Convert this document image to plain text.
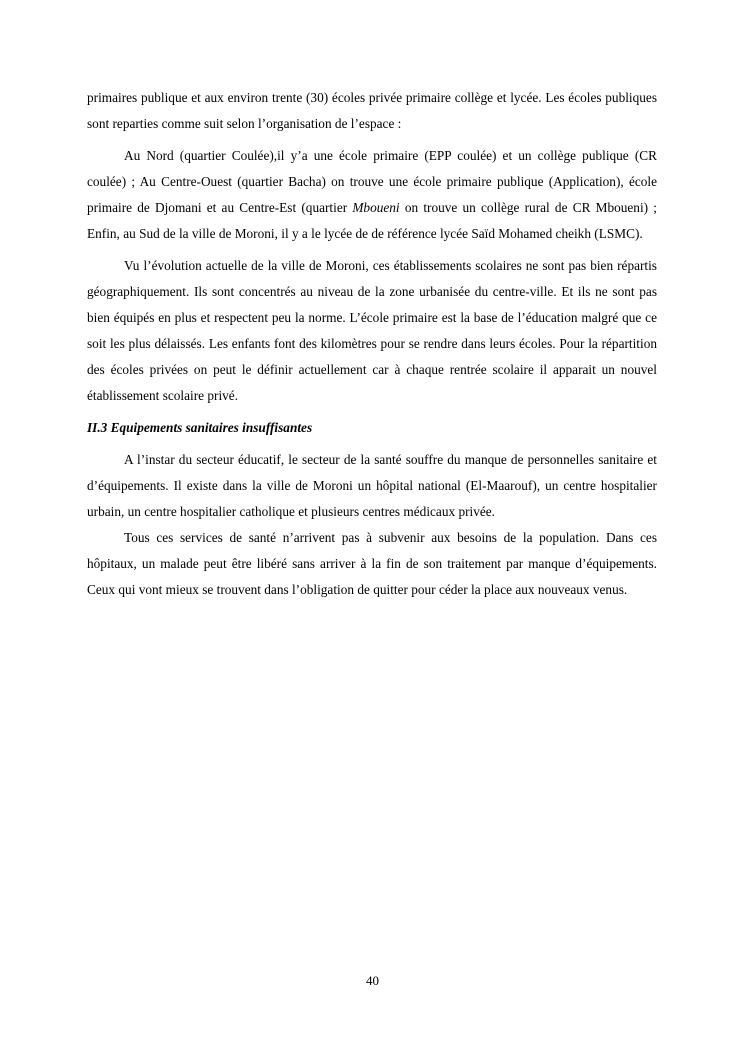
primaires publique et aux environ trente (30) écoles privée primaire collège et lycée. Les écoles publiques sont reparties comme suit selon l’organisation de l’espace :

Au Nord (quartier Coulée),il y’a une école primaire (EPP coulée) et un collège publique (CR coulée) ; Au Centre-Ouest (quartier Bacha) on trouve une école primaire publique (Application), école primaire de Djomani et au Centre-Est (quartier Mboueni on trouve un collège rural de CR Mboueni) ; Enfin, au Sud de la ville de Moroni, il y a le lycée de de référence lycée Saïd Mohamed cheikh (LSMC).

Vu l’évolution actuelle de la ville de Moroni, ces établissements scolaires ne sont pas bien répartis géographiquement. Ils sont concentrés au niveau de la zone urbanisée du centre-ville. Et ils ne sont pas bien équipés en plus et respectent peu la norme. L’école primaire est la base de l’éducation malgré que ce soit les plus délaissés. Les enfants font des kilomètres pour se rendre dans leurs écoles. Pour la répartition des écoles privées on peut le définir actuellement car à chaque rentrée scolaire il apparait un nouvel établissement scolaire privé.

II.3 Equipements sanitaires insuffisantes

A l’instar du secteur éducatif, le secteur de la santé souffre du manque de personnelles sanitaire et d’équipements. Il existe dans la ville de Moroni un hôpital national (El-Maarouf), un centre hospitalier urbain, un centre hospitalier catholique et plusieurs centres médicaux privée.

Tous ces services de santé n’arrivent pas à subvenir aux besoins de la population. Dans ces hôpitaux, un malade peut être libéré sans arriver à la fin de son traitement par manque d’équipements. Ceux qui vont mieux se trouvent dans l’obligation de quitter pour céder la place aux nouveaux venus.

40
